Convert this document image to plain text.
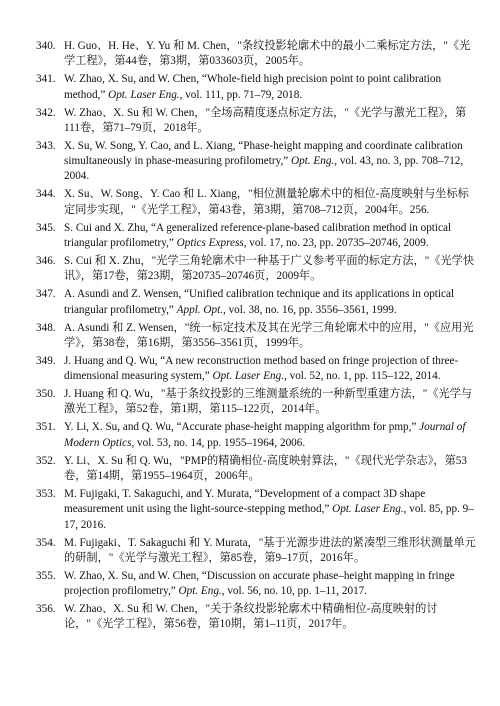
340. H. Guo、H. He、Y. Yu 和 M. Chen，"条纹投影轮廓术中的最小二乘标定方法，"《光学工程》，第44卷，第3期，第033603页，2005年。
341. W. Zhao, X. Su, and W. Chen, “Whole-field high precision point to point calibration method,” Opt. Laser Eng., vol. 111, pp. 71–79, 2018.
342. W. Zhao、X. Su 和 W. Chen，"全场高精度逐点标定方法，"《光学与激光工程》，第111卷，第71–79页，2018年。
343. X. Su, W. Song, Y. Cao, and L. Xiang, “Phase-height mapping and coordinate calibration simultaneously in phase-measuring profilometry,” Opt. Eng., vol. 43, no. 3, pp. 708–712, 2004.
344. X. Su、W. Song、Y. Cao 和 L. Xiang，"相位测量轮廓术中的相位-高度映射与坐标标定同步实现，"《光学工程》，第43卷，第3期，第708–712页，2004年。256.
345. S. Cui and X. Zhu, “A generalized reference-plane-based calibration method in optical triangular profilometry,” Optics Express, vol. 17, no. 23, pp. 20735–20746, 2009.
346. S. Cui 和 X. Zhu，"光学三角轮廓术中一种基于广义参考平面的标定方法，"《光学快讯》，第17卷，第23期，第20735–20746页，2009年。
347. A. Asundi and Z. Wensen, “Unified calibration technique and its applications in optical triangular profilometry,” Appl. Opt., vol. 38, no. 16, pp. 3556–3561, 1999.
348. A. Asundi 和 Z. Wensen，"统一标定技术及其在光学三角轮廓术中的应用，"《应用光学》，第38卷，第16期，第3556–3561页，1999年。
349. J. Huang and Q. Wu, “A new reconstruction method based on fringe projection of three-dimensional measuring system,” Opt. Laser Eng., vol. 52, no. 1, pp. 115–122, 2014.
350. J. Huang 和 Q. Wu，"基于条纹投影的三维测量系统的一种新型重建方法，"《光学与激光工程》，第52卷，第1期，第115–122页，2014年。
351. Y. Li, X. Su, and Q. Wu, “Accurate phase-height mapping algorithm for pmp,” Journal of Modern Optics, vol. 53, no. 14, pp. 1955–1964, 2006.
352. Y. Li、X. Su 和 Q. Wu，"PMP的精确相位-高度映射算法，"《现代光学杂志》，第53卷，第14期，第1955–1964页，2006年。
353. M. Fujigaki, T. Sakaguchi, and Y. Murata, “Development of a compact 3D shape measurement unit using the light-source-stepping method,” Opt. Laser Eng., vol. 85, pp. 9–17, 2016.
354. M. Fujigaki、T. Sakaguchi 和 Y. Murata，"基于光源步进法的紧凑型三维形状测量单元的研制，"《光学与激光工程》，第85卷，第9–17页，2016年。
355. W. Zhao, X. Su, and W. Chen, “Discussion on accurate phase–height mapping in fringe projection profilometry,” Opt. Eng., vol. 56, no. 10, pp. 1–11, 2017.
356. W. Zhao、X. Su 和 W. Chen，"关于条纹投影轮廓术中精确相位-高度映射的讨论，"《光学工程》，第56卷，第10期，第1–11页，2017年。
